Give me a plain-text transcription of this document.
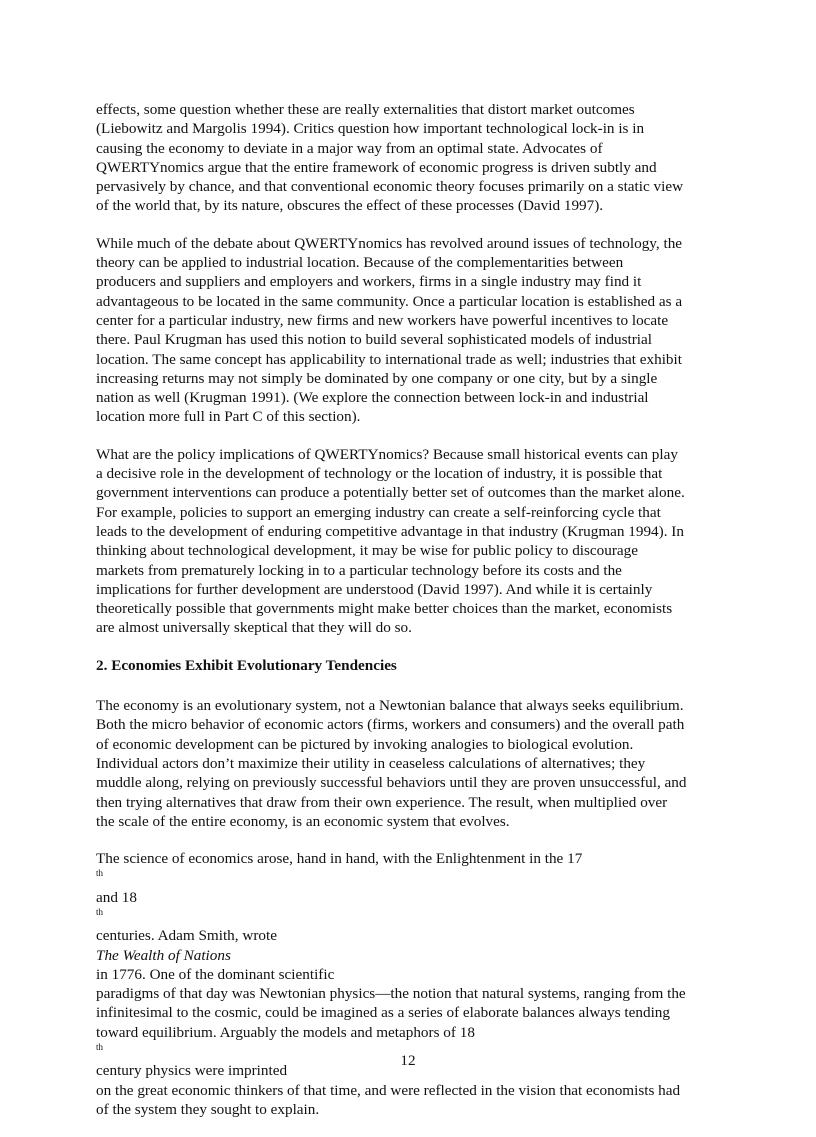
effects, some question whether these are really externalities that distort market outcomes
(Liebowitz and Margolis 1994). Critics question how important technological lock-in is in
causing the economy to deviate in a major way from an optimal state. Advocates of
QWERTYnomics argue that the entire framework of economic progress is driven subtly and
pervasively by chance, and that conventional economic theory focuses primarily on a static view
of the world that, by its nature, obscures the effect of these processes (David 1997).

While much of the debate about QWERTYnomics has revolved around issues of technology, the
theory can be applied to industrial location. Because of the complementarities between
producers and suppliers and employers and workers, firms in a single industry may find it
advantageous to be located in the same community. Once a particular location is established as a
center for a particular industry, new firms and new workers have powerful incentives to locate
there. Paul Krugman has used this notion to build several sophisticated models of industrial
location. The same concept has applicability to international trade as well; industries that exhibit
increasing returns may not simply be dominated by one company or one city, but by a single
nation as well (Krugman 1991). (We explore the connection between lock-in and industrial
location more full in Part C of this section).

What are the policy implications of QWERTYnomics? Because small historical events can play
a decisive role in the development of technology or the location of industry, it is possible that
government interventions can produce a potentially better set of outcomes than the market alone.
For example, policies to support an emerging industry can create a self-reinforcing cycle that
leads to the development of enduring competitive advantage in that industry (Krugman 1994). In
thinking about technological development, it may be wise for public policy to discourage
markets from prematurely locking in to a particular technology before its costs and the
implications for further development are understood (David 1997). And while it is certainly
theoretically possible that governments might make better choices than the market, economists
are almost universally skeptical that they will do so.

2. Economies Exhibit Evolutionary Tendencies

The economy is an evolutionary system, not a Newtonian balance that always seeks equilibrium.
Both the micro behavior of economic actors (firms, workers and consumers) and the overall path
of economic development can be pictured by invoking analogies to biological evolution.
Individual actors don’t maximize their utility in ceaseless calculations of alternatives; they
muddle along, relying on previously successful behaviors until they are proven unsuccessful, and
then trying alternatives that draw from their own experience. The result, when multiplied over
the scale of the entire economy, is an economic system that evolves.

The science of economics arose, hand in hand, with the Enlightenment in the 17
$^{th}$
and 18
$^{th}$
centuries. Adam Smith, wrote
The Wealth of Nations
in 1776. One of the dominant scientific
paradigms of that day was Newtonian physics—the notion that natural systems, ranging from the
infinitesimal to the cosmic, could be imagined as a series of elaborate balances always tending
toward equilibrium. Arguably the models and metaphors of 18
$^{th}$
century physics were imprinted
on the great economic thinkers of that time, and were reflected in the vision that economists had
of the system they sought to explain.

12
